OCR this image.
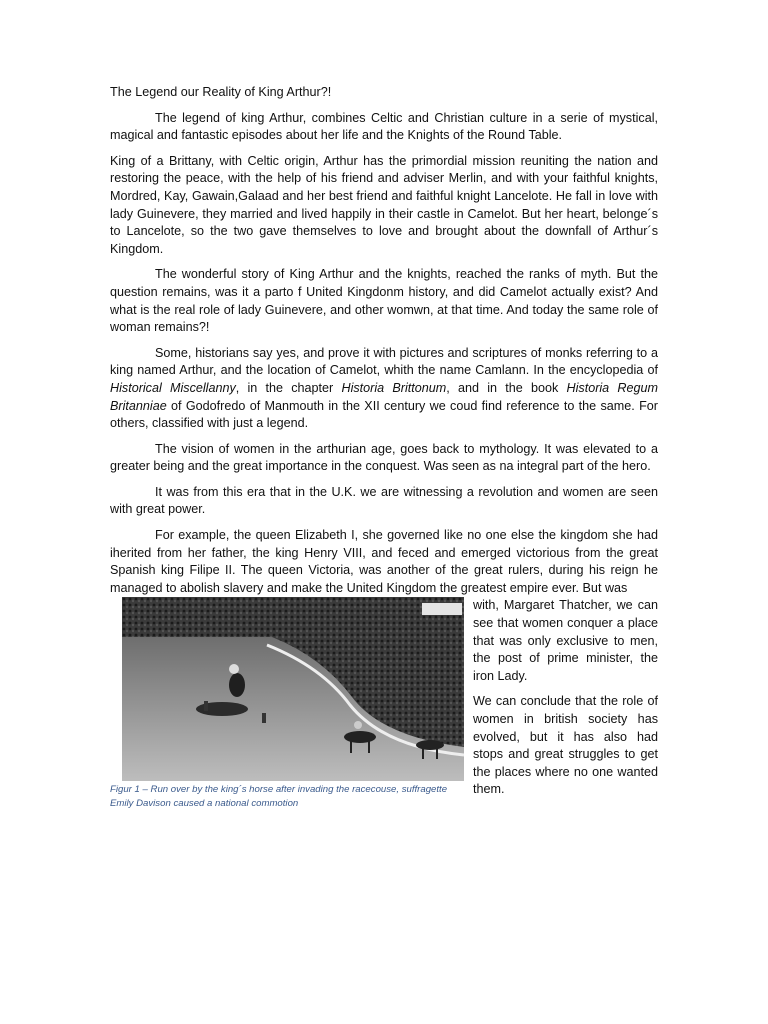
The Legend our Reality of King Arthur?!

The legend of king Arthur, combines Celtic and Christian culture in a serie of mystical, magical and fantastic episodes about her life and the Knights of the Round Table.

King of a Brittany, with Celtic origin, Arthur has the primordial mission reuniting the nation and restoring the peace, with the help of his friend and adviser Merlin, and with your faithful knights, Mordred, Kay, Gawain,Galaad and her best friend and faithful knight Lancelote. He fall in love with lady Guinevere, they married and lived happily in their castle in Camelot. But her heart, belonge´s to Lancelote, so the two gave themselves to love and brought about the downfall of Arthur´s Kingdom.

The wonderful story of King Arthur and the knights, reached the ranks of myth. But the question remains, was it a parto f United Kingdonm history, and did Camelot actually exist? And what is the real role of lady Guinevere, and other womwn, at that time. And today the same role of woman remains?!

Some, historians say yes, and prove it with pictures and scriptures of monks referring to a king named Arthur, and the location of Camelot, whith the name Camlann. In the encyclopedia of Historical Miscellanny, in the chapter Historia Brittonum, and in the book Historia Regum Britanniae of Godofredo of Manmouth in the XII century we coud find reference to the same. For others, classified with just a legend.

The vision of women in the arthurian age, goes back to mythology. It was elevated to a greater being and the great importance in the conquest. Was seen as na integral part of the hero.

It was from this era that in the U.K. we are witnessing a revolution and women are seen with great power.

For example, the queen Elizabeth I, she governed like no one else the kingdom she had iherited from her father, the king Henry VIII, and feced and emerged victorious from the great Spanish king Filipe II. The queen Victoria, was another of the great rulers, during his reign he managed to abolish slavery and make the United Kingdom the greatest empire ever. But was

Figur 1 – Run over by the king´s horse after invading the racecouse, suffragette Emily Davison caused a national commotion

with, Margaret Thatcher, we can see that women conquer a place that was only exclusive to men, the post of prime minister, the iron Lady.

We can conclude that the role of women in british society has evolved, but it has also had stops and great struggles to get the places where no one wanted them.
